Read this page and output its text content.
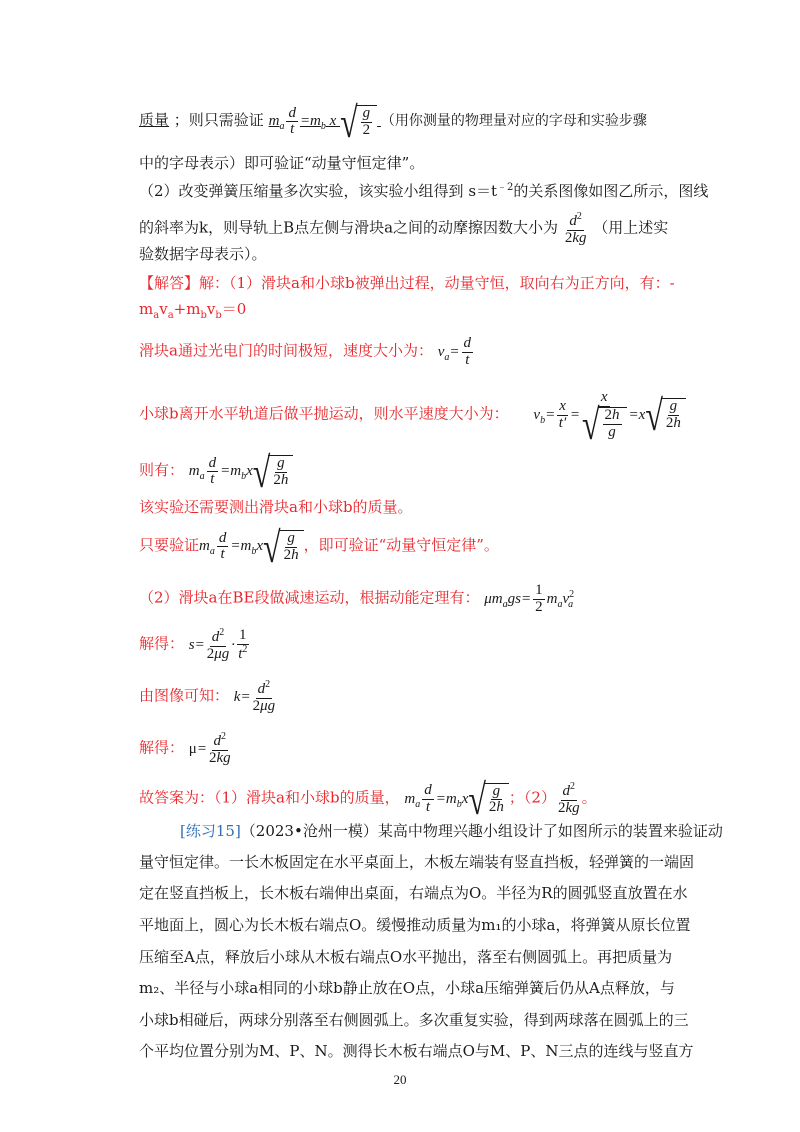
质量 ；则只需验证 $m_a \frac{d}{t} =m_b$ x √ g
2
（用你测量的物理量对应的字母和实验步骤
中的字母表示）即可验证“动量守恒定律”。
（2）改变弹簧压缩量多次实验，该实验小组得到 $s=t^{﹣2}$的关系图像如图乙所示，图线
的斜率为k，则导轨上B点左侧与滑块a之间的动摩擦因数大小为 $\frac{d^2}{2kg}$ （用上述实
验数据字母表示）。
【解答】解：（1）滑块a和小球b被弹出过程，动量守恒，取向右为正方向，有：-
$m_av_a+m_bv_b=0$
滑块a通过光电门的时间极短，速度大小为： $v_a= \frac{d}{t}$
小球b离开水平轨道后做平抛运动，则水平速度大小为： $v_b= \frac{x}{t'} = x$
√ 2h
g =x √ g
2h
则有： $m_a \frac{d}{t} =m_bx$ √ g
2h
该实验还需要测出滑块a和小球b的质量。
只要验证$m_a \frac{d}{t} =m_bx$ √ g
2h
，即可验证“动量守恒定律”。
（2）滑块a在BE段做减速运动，根据动能定理有： $\mu m_ags= \frac{1}{2} m_av^2_a$
解得： $s= \frac{d^2}{2\mu g} \cdot \frac{1}{t^2}$
由图像可知： $k= \frac{d^2}{2\mu g}$
解得： $\mu= \frac{d^2}{2kg}$
故答案为：（1）滑块a和小球b的质量， $m_a \frac{d}{t} =m_bx$ √ g
2h
；$(2) \frac{d^2}{2kg}$ 。
[练习15]（2023•沧州一模）某高中物理兴趣小组设计了如图所示的装置来验证动
量守恒定律。一长木板固定在水平桌面上，木板左端装有竖直挡板，轻弹簧的一端固
定在竖直挡板上，长木板右端伸出桌面，右端点为O。半径为R的圆弧竖直放置在水
平地面上，圆心为长木板右端点O。缓慢推动质量为m₁的小球a，将弹簧从原长位置
压缩至A点，释放后小球从木板右端点O水平抛出，落至右侧圆弧上。再把质量为
m₂、半径与小球a相同的小球b静止放在O点，小球a压缩弹簧后仍从A点释放，与
小球b相碰后，两球分别落至右侧圆弧上。多次重复实验，得到两球落在圆弧上的三
个平均位置分别为M、P、N。测得长木板右端点O与M、P、N三点的连线与竖直方
20
